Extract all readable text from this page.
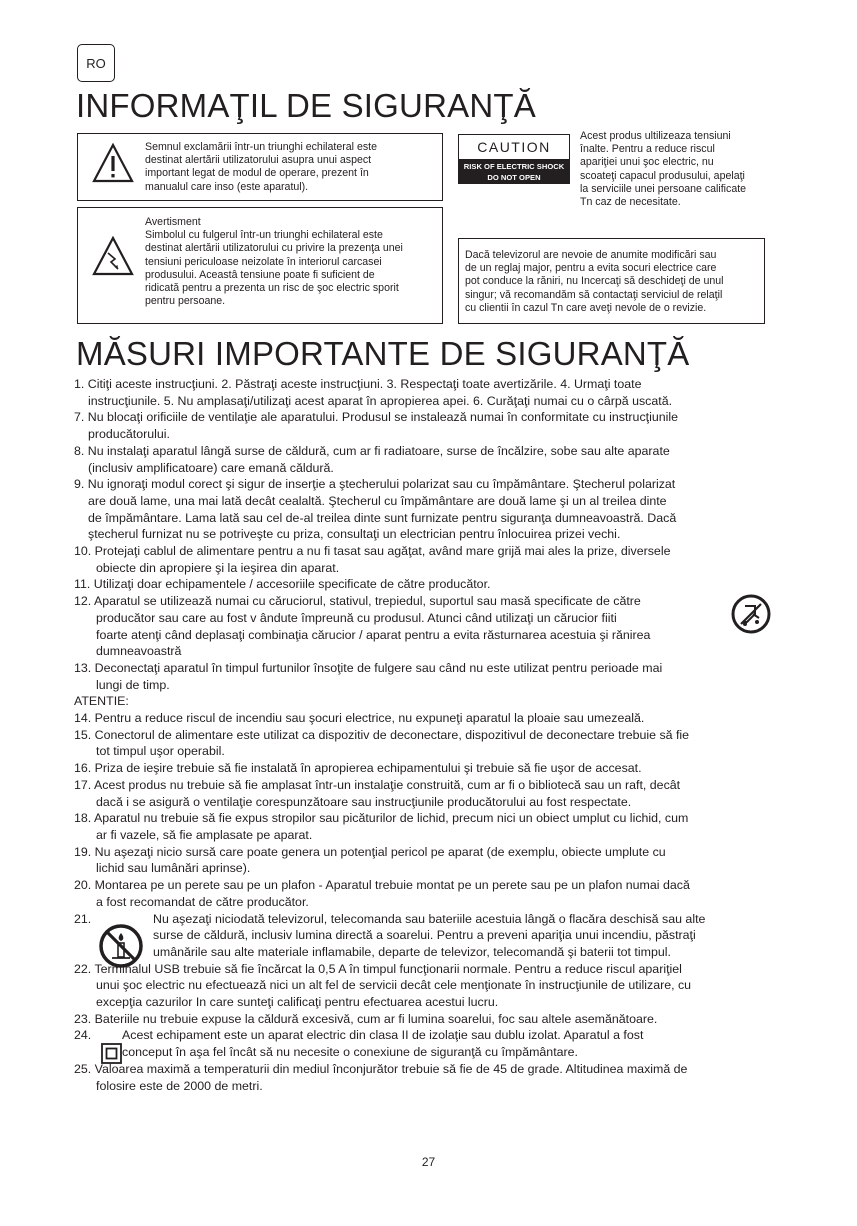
RO
INFORMAŢIL DE SIGURANŢĂ
Semnul exclamării într-un triunghi echilateral este
destinat alertării utilizatorului asupra unui aspect
important legat de modul de operare, prezent în
manualul care inso (este aparatul).
Avertisment
Simbolul cu fulgerul într-un triunghi echilateral este
destinat alertării utilizatorului cu privire la prezenţa unei
tensiuni periculoase neizolate în interiorul carcasei
produsului. Aceastâ tensiune poate fi suficient de
ridicată pentru a prezenta un risc de şoc electric sporit
pentru persoane.
CAUTION
RISK OF ELECTRIC SHOCK
DO NOT OPEN
Acest produs ultilizeaza tensiuni
înalte. Pentru a reduce riscul
apariţiei unui şoc electric, nu
scoateţi capacul produsului, apelaţi
la serviciile unei persoane calificate
Tn caz de necesitate.
Dacă televizorul are nevoie de anumite modificări sau
de un reglaj major, pentru a evita socuri electrice care
pot conduce la răniri, nu Incercaţi să deschideţi de unul
singur; vă recomandăm să contactaţi serviciul de relaţil
cu clientii în cazul Tn care aveţi nevole de o revizie.
MĂSURI IMPORTANTE DE SIGURANŢĂ

1. Citiţi aceste instrucţiuni. 2. Păstraţi aceste instrucţiuni. 3. Respectaţi toate avertizările. 4. Urmaţi toate
instrucţiunile. 5. Nu amplasaţi/utilizaţi acest aparat în apropierea apei. 6. Curăţaţi numai cu o cârpă uscată.

7. Nu blocaţi orificiile de ventilaţie ale aparatului. Produsul se instalează numai în conformitate cu instrucţiunile
producătorului.

8. Nu instalaţi aparatul lângă surse de căldură, cum ar fi radiatoare, surse de încălzire, sobe sau alte aparate
(inclusiv amplificatoare) care emană căldură.

9. Nu ignoraţi modul corect şi sigur de inserţie a ştecherului polarizat sau cu împământare. Ştecherul polarizat
are două lame, una mai lată decât cealaltă. Ştecherul cu împământare are două lame şi un al treilea dinte
de împământare. Lama lată sau cel de-al treilea dinte sunt furnizate pentru siguranţa dumneavoastră. Dacă
ştecherul furnizat nu se potriveşte cu priza, consultaţi un electrician pentru înlocuirea prizei vechi.

10. Protejaţi cablul de alimentare pentru a nu fi tasat sau agăţat, având mare grijă mai ales la prize, diversele
obiecte din apropiere şi la ieşirea din aparat.

11. Utilizaţi doar echipamentele / accesoriile specificate de către producător.

12. Aparatul se utilizează numai cu căruciorul, stativul, trepiedul, suportul sau masă specificate de către
producător sau care au fost v ândute împreună cu produsul. Atunci când utilizaţi un cărucior fiiti
foarte atenţi când deplasaţi combinaţia cărucior / aparat pentru a evita răsturnarea acestuia şi rănirea
dumneavoastră

13. Deconectaţi aparatul în timpul furtunilor însoţite de fulgere sau când nu este utilizat pentru perioade mai
lungi de timp.

ATENTIE:

14. Pentru a reduce riscul de incendiu sau şocuri electrice, nu expuneţi aparatul la ploaie sau umezeală.

15. Conectorul de alimentare este utilizat ca dispozitiv de deconectare, dispozitivul de deconectare trebuie să fie
tot timpul uşor operabil.

16. Priza de ieşire trebuie să fie instalată în apropierea echipamentului şi trebuie să fie uşor de accesat.

17. Acest produs nu trebuie să fie amplasat într-un instalaţie construită, cum ar fi o bibliotecă sau un raft, decât
dacă i se asigură o ventilaţie corespunzătoare sau instrucţiunile producătorului au fost respectate.

18. Aparatul nu trebuie să fie expus stropilor sau picăturilor de lichid, precum nici un obiect umplut cu lichid, cum
ar fi vazele, să fie amplasate pe aparat.

19. Nu aşezaţi nicio sursă care poate genera un potenţial pericol pe aparat (de exemplu, obiecte umplute cu
lichid sau lumânări aprinse).

20. Montarea pe un perete sau pe un plafon - Aparatul trebuie montat pe un perete sau pe un plafon numai dacă
a fost recomandat de către producător.

21.	Nu aşezaţi niciodată televizorul, telecomanda sau bateriile acestuia lângă o flacăra deschisă sau alte
surse de căldură, inclusiv lumina directă a soarelui. Pentru a preveni apariţia unui incendiu, păstraţi
umânările sau alte materiale inflamabile, departe de televizor, telecomandă şi baterii tot timpul.

22. Terminalul USB trebuie să fie încărcat la 0,5 A în timpul funcţionarii normale. Pentru a reduce riscul apariţiel
unui şoc electric nu efectuează nici un alt fel de servicii decât cele menţionate în instrucţiunile de utilizare, cu
excepţia cazurilor In care sunteţi calificaţi pentru efectuarea acestui lucru.

23. Bateriile nu trebuie expuse la căldură excesivă, cum ar fi lumina soarelui, foc sau altele asemănătoare.

24.	Acest echipament este un aparat electric din clasa II de izolaţie sau dublu izolat. Aparatul a fost
conceput în aşa fel încât să nu necesite o conexiune de siguranţă cu împământare.

25. Valoarea maximă a temperaturii din mediul înconjurător trebuie să fie de 45 de grade. Altitudinea maximă de
folosire este de 2000 de metri.

27
